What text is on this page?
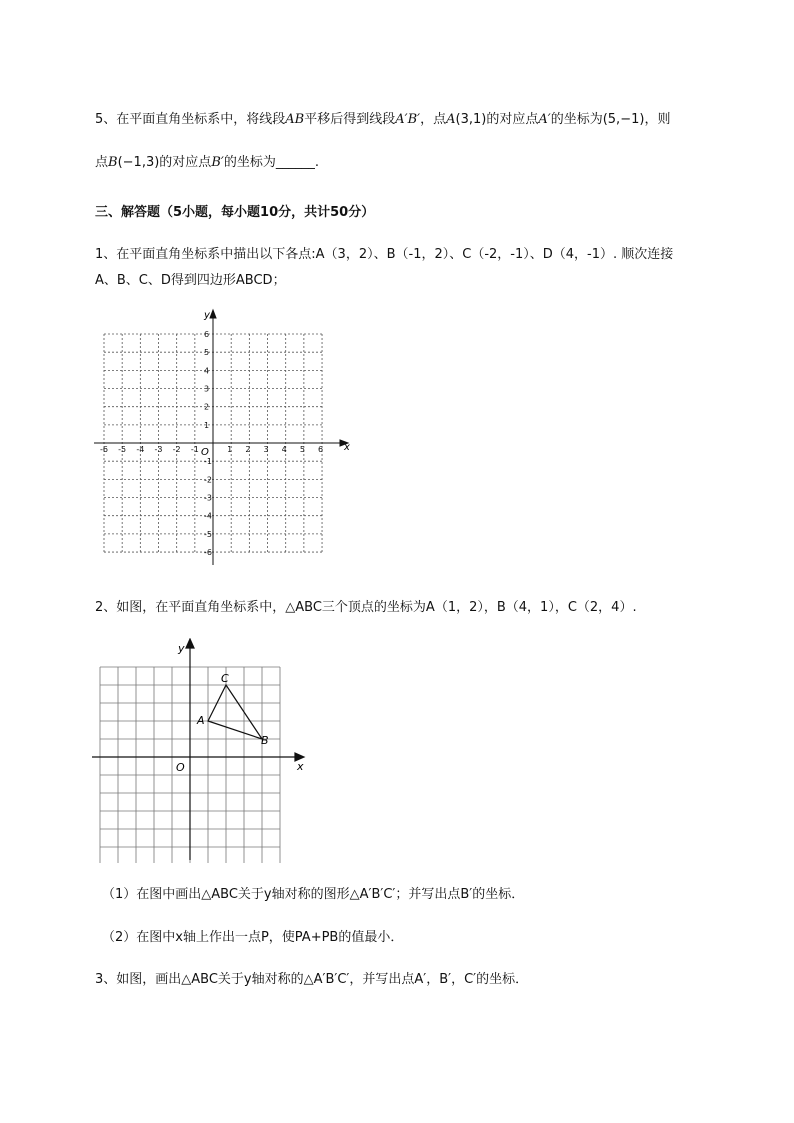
5、在平面直角坐标系中，将线段AB平移后得到线段A′B′，点A(3,1)的对应点A′的坐标为(5,−1)，则
点B(−1,3)的对应点B′的坐标为______.
三、解答题（5小题，每小题10分，共计50分）
1、在平面直角坐标系中描出以下各点:A（3，2）、B（-1，2）、C（-2，-1）、D（4，-1）. 顺次连接
A、B、C、D得到四边形ABCD；
-6 -5 -4 -3 -2 -1	1 2 3 4 5 6
6
5
4
3
2
1
-1
-2
-3
-4
-5
-6
x
y
O
2、如图，在平面直角坐标系中，△ABC三个顶点的坐标为A（1，2），B（4，1），C（2，4）.
x
y
O
A
B
C
（1）在图中画出△ABC关于y轴对称的图形△A′B′C′；并写出点B′的坐标．
（2）在图中x轴上作出一点P，使PA+PB的值最小．
3、如图，画出△ABC关于y轴对称的△A′B′C′，并写出点A′，B′，C′的坐标．
